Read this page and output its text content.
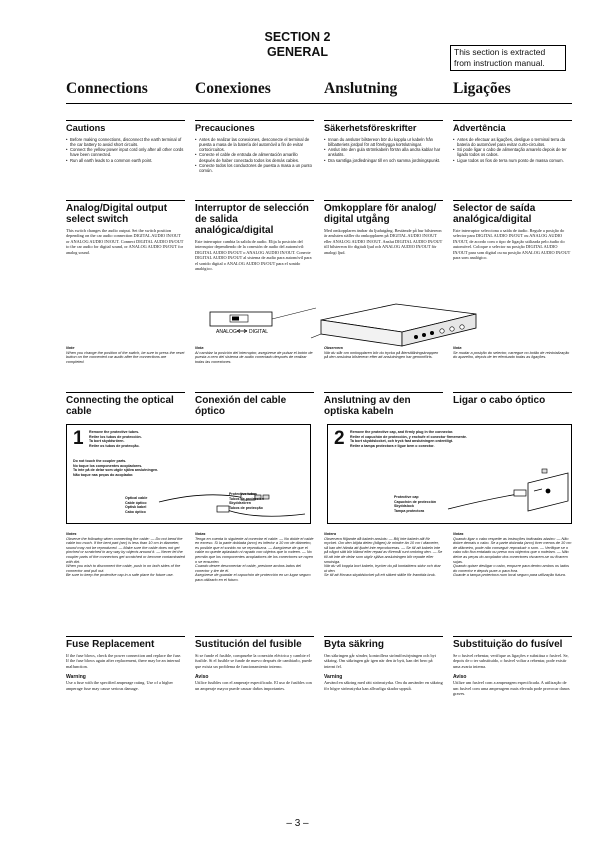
SECTION 2
GENERAL	This section is extracted
from instruction manual.
Connections	Conexiones	Anslutning	Ligações
Cautions
• Before making connections, disconnect the earth terminal of the car battery to avoid short circuits.
• Connect the yellow power input cord only after all other cords have been connected.
• Run all earth leads to a common earth point.
Precauciones
• Antes de realizar las conexiones, desconecte el terminal de puesta a masa de la batería del automóvil a fin de evitar cortocircuitos.
• Conecte el cable de entrada de alimentación amarillo después de haber conectado todos los demás cables.
• Conecte todos los conductores de puesta a masa a un punto común.
Säkerhetsföreskrifter
• Innan du ansluter bilstereon bör du koppla ur kabeln från bilbatteriets jordpol för att förebygga kortslutningar.
• Anslut inte den gula strömkabeln förrän alla andra kablar har anslutits.
• Dra samtliga jordledningar till en och samma jordningspunkt.
Advertência
• Antes de efectuar as ligações, desligue o terminal terra da bateria do automóvel para evitar curto-circuitos.
• Só pode ligar o cabo de alimentação amarelo depois de ter ligado todos os cabos.
• Ligue todos os fios de terra num ponto de massa comum.
Analog/Digital output select switch
This switch changes the audio output. Set the switch position depending on the car audio connection DIGITAL AUDIO IN/OUT or ANALOG AUDIO IN/OUT. Connect DIGITAL AUDIO IN/OUT to the car audio for digital sound, or ANALOG AUDIO IN/OUT for analog sound.
Interruptor de selección de salida analógica/digital
Este interruptor cambia la salida de audio. Elija la posición del interruptor dependiendo de la conexión de audio del automóvil: DIGITAL AUDIO IN/OUT o ANALOG AUDIO IN/OUT. Conecte DIGITAL AUDIO IN/OUT al sistema de audio para automóvil para el sonido digital o ANALOG AUDIO IN/OUT para el sonido analógico.
Omkopplare för analog/ digital utgång
Med omkopplaren ändrar du ljudutgång. Bestämde på hur bilstereon är ansluten ställer du omkopplaren på DIGITAL AUDIO IN/OUT eller ANALOG AUDIO IN/OUT. Anslut DIGITAL AUDIO IN/OUT till bilstereon för digitalt ljud och ANALOG AUDIO IN/OUT för analogt ljud.
Selector de saída analógica/digital
Este interruptor selecciona a saída de áudio. Regule a posição do selector para DIGITAL AUDIO IN/OUT ou ANALOG AUDIO IN/OUT, de acordo com o tipo de ligação utilizada pelo áudio do automóvel. Coloque o selector na posição DIGITAL AUDIO IN/OUT para som digital ou na posição ANALOG AUDIO IN/OUT para som analógico.
ANALOG DIGITAL
Note
When you change the position of the switch, be sure to press the reset button on the connected car audio after the connections are completed.
Nota
Al cambiar la posición del interruptor, asegúrese de pulsar el botón de puesta a cero del sistema de audio conectado después de realizar todas las conexiones.
Observera
När du slår om omkopplaren bör du trycka på återställningsknappen på den anslutna bilstereon efter att anslutningen har genomförts.
Nota
Se mudar a posição do selector, carregue no botão de reinicialização do aparelho, depois de ter efectuado todas as ligações.
Connecting the optical cable
Conexión del cable óptico
Anslutning av den optiska kabeln
Ligar o cabo óptico
1 Remove the protective tubes.
Retire los tubos de protección.
Ta bort skyddsrören.
Retire os tubos de protecção.
Do not touch the coupler parts.
No toque los componentes acopladores.
Ta inte på de delar som utgör själva anslutningen.
Não toque nas peças do acoplador.
Optical cable
Cable óptico
Optisk kabel
Cabo óptico
Protective tubes
Tubos de protección
Skyddsrören
Tubos de protecção
2 Remove the protective cap, and firmly plug in the connector.
Retire el capuchón de protección, y enchufe el conector firmemente.
Ta bort skyddslocket, och tryck fast anslutningen ordentligt.
Retire a tampa protectora e ligue bem o conector.
Protective cap
Capuchón de protección
Skyddslock
Tampa protectora
Notes
Observe the following when connecting the cable: — Do not bend the cable too much. If the bent part (arc) is less than 10 cm in diameter, sound may not be reproduced. — Make sure the cable does not get pinched or scratched in any way by objects around it. — Never let the coupler parts of the connectors get scratched or become contaminated with dirt.
When you wish to disconnect the cable, push in on both sides of the connector and pull out.
Be sure to keep the protective cap in a safe place for future use.
Notas
Tenga en cuenta lo siguiente al conectar el cable: — No doble el cable en exceso. Si la parte doblada (arco) es inferior a 10 cm de diámetro, es posible que el sonido no se reproduzca. — Asegúrese de que el cable no quede aplastado ni rayado con objetos que lo rodeen. — No permita que los componentes acopladores de los conectores se rayen o se ensucien.
Cuando desee desconectar el cable, presione ambos lados del conector y tire de él.
Asegúrese de guardar el capuchón de protección en un lugar seguro para utilizarlo en el futuro.
Notera
Observera följande då kabeln ansluts: — Böj inte kabeln allt för mycket. Om den böjda delen (bågen) är mindre än 10 cm i diameter, så kan det hända att ljudet inte reproduceras. — Se till att kabeln inte på något sätt blir klämd eller repad av föremål runt omkring den. — Se till att inte de delar som utgör själva anslutningen blir repade eller smutsiga.
När du vill koppla bort kabeln, trycker du på kontaktens sidor och drar ut den.
Se till att förvara skyddslocket på ett säkert ställe för framtida bruk.
Notas
Quando ligar o cabo respeite as instruções indicadas abaixo: — Não dobre demais o cabo. Se a parte dobrada (arco) tiver menos de 10 cm de diâmetro, pode não conseguir reproduzir o som. — Verifique se o cabo não fica entalado ou preso nos objectos que o rodeiam. — Não deixe as peças do acoplador dos conectores riscarem-se ou ficarem sujas.
Quando quiser desligar o cabo, empurre para dentro ambos os lados do conector e depois puxe-o para fora.
Guarde a tampa protectora num local seguro para utilização futura.
Fuse Replacement
If the fuse blows, check the power connection and replace the fuse. If the fuse blows again after replacement, there may be an internal malfunction.
Warning
Use a fuse with the specified amperage rating. Use of a higher amperage fuse may cause serious damage.
Sustitución del fusible
Si se funde el fusible, compruebe la conexión eléctrica y cambie el fusible. Si el fusible se funde de nuevo después de cambiarlo, puede que exista un problema de funcionamiento interno.
Aviso
Utilice fusibles con el amperaje especificado. El uso de fusibles con un amperaje mayor puede causar daños importantes.
Byta säkring
Om säkringen går sönder, kontrollera strömförsörjningen och byt säkring. Om säkringen går igen när den är bytt, kan det bero på internt fel.
Varning
Använd en säkring med rätt strömstyrka. Om du använder en säkring för högre strömstyrka kan allvarliga skador uppstå.
Substituição do fusível
Se o fusível rebentar, verifique as ligações e substitua o fusível. Se, depois de o ter substituído, o fusível voltar a rebentar, pode existir uma avaria interna.
Aviso
Utilize um fusível com a amperagem especificada. A utilização de um fusível com uma amperagem mais elevada pode provocar danos graves.
– 3 –
